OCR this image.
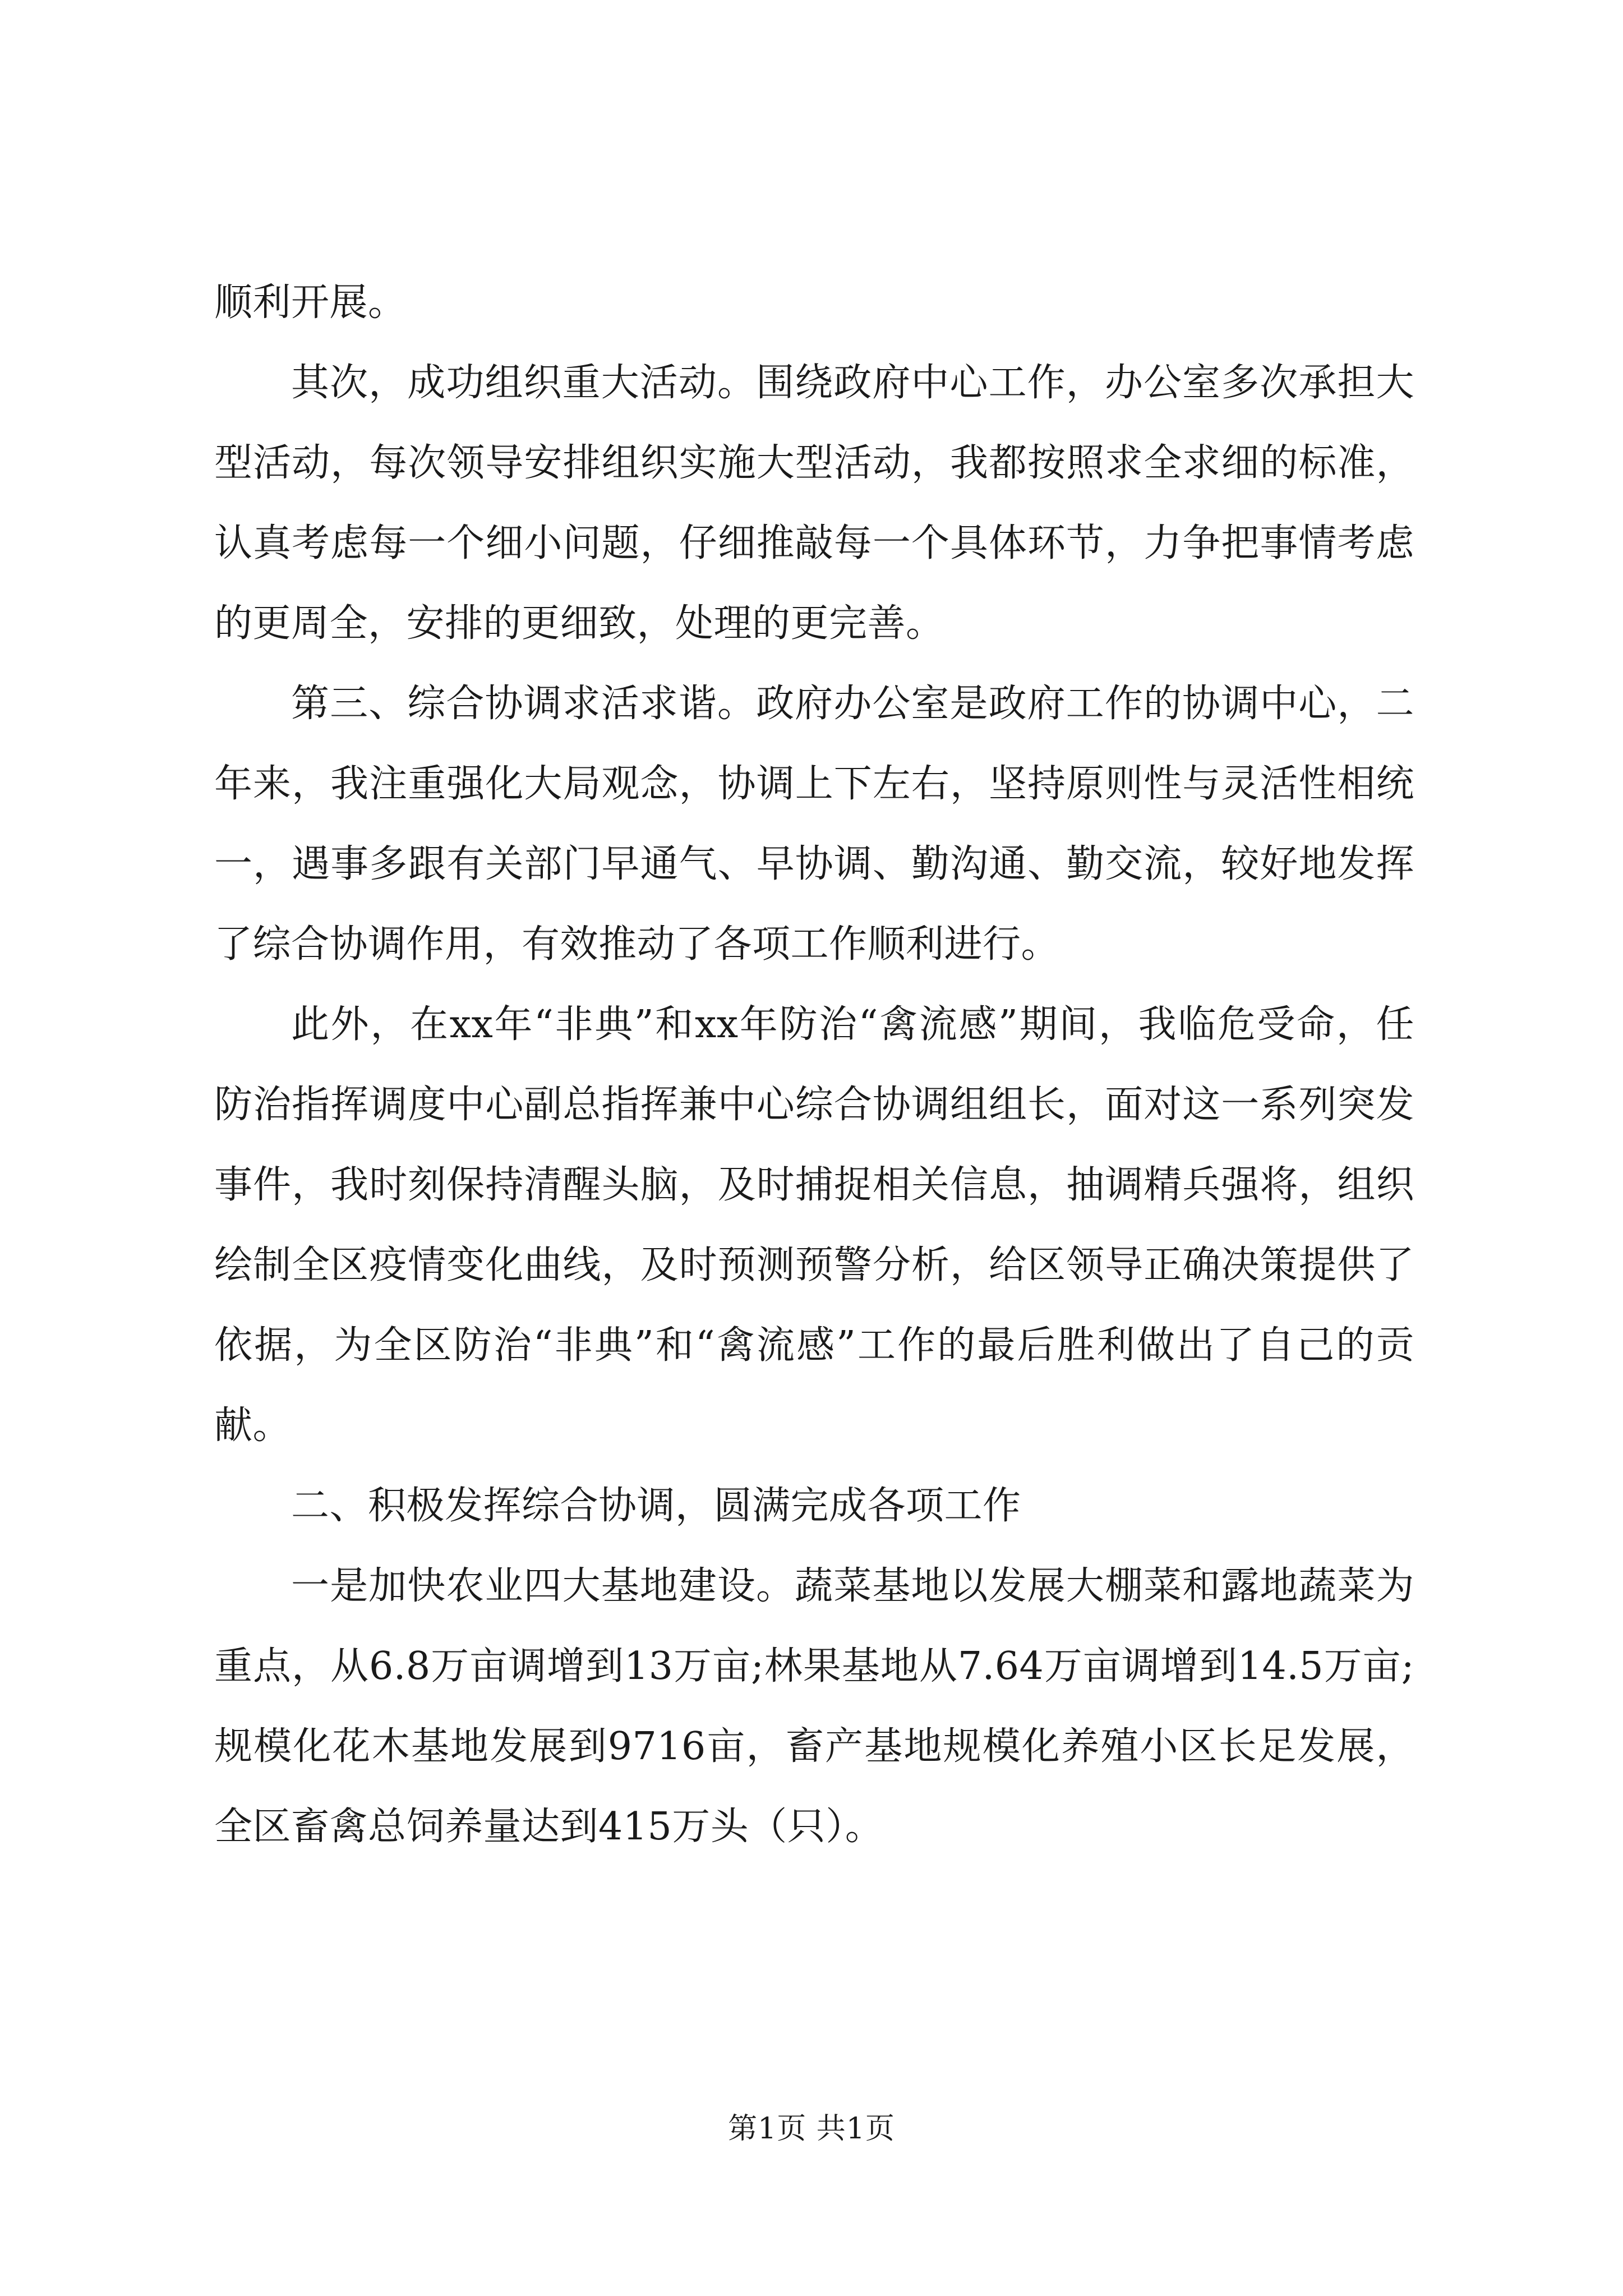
顺利开展。

其次，成功组织重大活动。围绕政府中心工作，办公室多次承担大型活动，每次领导安排组织实施大型活动，我都按照求全求细的标准，认真考虑每一个细小问题，仔细推敲每一个具体环节，力争把事情考虑的更周全，安排的更细致，处理的更完善。

第三、综合协调求活求谐。政府办公室是政府工作的协调中心，二年来，我注重强化大局观念，协调上下左右，坚持原则性与灵活性相统一，遇事多跟有关部门早通气、早协调、勤沟通、勤交流，较好地发挥了综合协调作用，有效推动了各项工作顺利进行。

此外，在xx年“非典”和xx年防治“禽流感”期间，我临危受命，任防治指挥调度中心副总指挥兼中心综合协调组组长，面对这一系列突发事件，我时刻保持清醒头脑，及时捕捉相关信息，抽调精兵强将，组织绘制全区疫情变化曲线，及时预测预警分析，给区领导正确决策提供了依据，为全区防治“非典”和“禽流感”工作的最后胜利做出了自己的贡献。

二、积极发挥综合协调，圆满完成各项工作

一是加快农业四大基地建设。蔬菜基地以发展大棚菜和露地蔬菜为重点，从6.8万亩调增到13万亩;林果基地从7.64万亩调增到14.5万亩;规模化花木基地发展到9716亩，畜产基地规模化养殖小区长足发展，全区畜禽总饲养量达到415万头（只）。

第1页 共1页
